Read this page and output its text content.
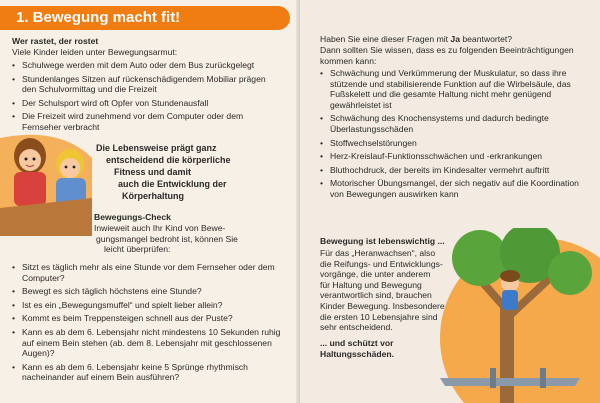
1. Bewegung macht fit!
Wer rastet, der rostet
Viele Kinder leiden unter Bewegungsarmut:
• Schulwege werden mit dem Auto oder dem Bus zurückgelegt
• Stundenlanges Sitzen auf rückenschädigendem Mobiliar prägen den Schulvormittag und die Freizeit
• Der Schulsport wird oft Opfer von Stundenausfall
• Die Freizeit wird zunehmend vor dem Computer oder dem Fernseher verbracht
Die Lebensweise prägt ganz
entscheidend die körperliche
Fitness und damit
auch die Entwicklung der
Körperhaltung
Bewegungs-Check
Inwieweit auch Ihr Kind von Bewe-
gungsmangel bedroht ist, können Sie
leicht überprüfen:
• Sitzt es täglich mehr als eine Stunde vor dem Fernseher oder dem Computer?
• Bewegt es sich täglich höchstens eine Stunde?
• Ist es ein „Bewegungsmuffel“ und spielt lieber allein?
• Kommt es beim Treppensteigen schnell aus der Puste?
• Kann es ab dem 6. Lebensjahr nicht mindestens 10 Sekunden ruhig auf einem Bein stehen (ab. dem 8. Lebensjahr mit geschlossenen Augen)?
• Kann es ab dem 6. Lebensjahr keine 5 Sprünge rhythmisch nacheinander auf einem Bein ausführen?
Haben Sie eine dieser Fragen mit Ja beantwortet?
Dann sollten Sie wissen, dass es zu folgenden Beeinträchtigungen kommen kann:
• Schwächung und Verkümmerung der Muskulatur, so dass ihre stützende und stabilisierende Funktion auf die Wirbelsäule, das Fußskelett und die gesamte Haltung nicht mehr genügend gewährleistet ist
• Schwächung des Knochensystems und dadurch bedingte Überlastungsschäden
• Stoffwechselstörungen
• Herz-Kreislauf-Funktionsschwächen und -erkrankungen
• Bluthochdruck, der bereits im Kindesalter vermehrt auftritt
• Motorischer Übungsmangel, der sich negativ auf die Koordination von Bewegungen auswirken kann
Bewegung ist lebenswichtig ...
Für das „Heranwachsen“, also
die Reifungs- und Entwicklungs-
vorgänge, die unter anderem
für Haltung und Bewegung
verantwortlich sind, brauchen
Kinder Bewegung. Insbesondere
die ersten 10 Lebensjahre sind
sehr entscheidend.
... und schützt vor
Haltungsschäden.
